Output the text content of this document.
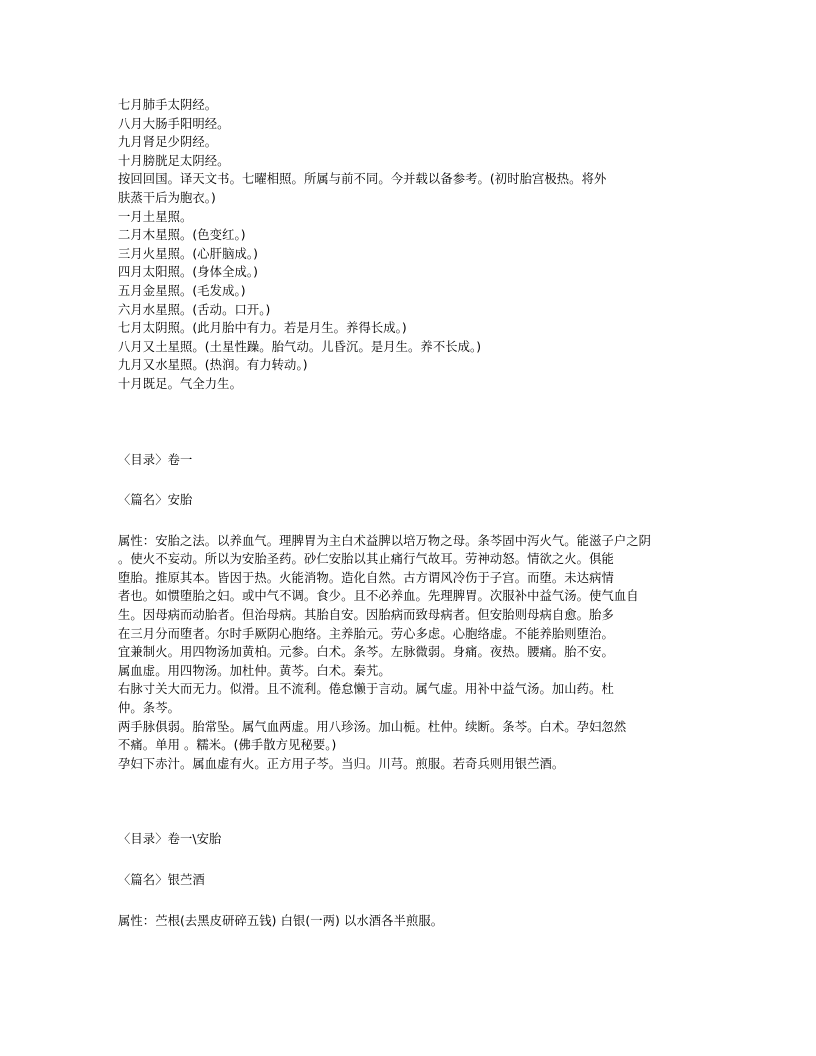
七月肺手太阴经。

八月大肠手阳明经。

九月肾足少阴经。

十月膀胱足太阴经。

按回回国。译天文书。七曜相照。所属与前不同。今并载以备参考。(初时胎宫极热。将外

肤蒸干后为胞衣。)

一月土星照。

二月木星照。(色变红。)

三月火星照。(心肝脑成。)

四月太阳照。(身体全成。)

五月金星照。(毛发成。)

六月水星照。(舌动。口开。)

七月太阴照。(此月胎中有力。若是月生。养得长成。)

八月又土星照。(土星性躁。胎气动。儿昏沉。是月生。养不长成。)

九月又水星照。(热润。有力转动。)

十月既足。气全力生。

〈目录〉卷一

〈篇名〉安胎

属性：安胎之法。以养血气。理脾胃为主白术益脾以培万物之母。条芩固中泻火气。能滋子户之阴

。使火不妄动。所以为安胎圣药。砂仁安胎以其止痛行气故耳。劳神动怒。情欲之火。俱能

堕胎。推原其本。皆因于热。火能消物。造化自然。古方谓风冷伤于子宫。而堕。未达病情

者也。如惯堕胎之妇。或中气不调。食少。且不必养血。先理脾胃。次服补中益气汤。使气血自

生。因母病而动胎者。但治母病。其胎自安。因胎病而致母病者。但安胎则母病自愈。胎多

在三月分而堕者。尔时手厥阴心胞络。主养胎元。劳心多虑。心胞络虚。不能养胎则堕治。

宜兼制火。用四物汤加黄柏。元参。白术。条芩。左脉微弱。身痛。夜热。腰痛。胎不安。

属血虚。用四物汤。加杜仲。黄芩。白术。秦艽。

右脉寸关大而无力。似滑。且不流利。倦怠懒于言动。属气虚。用补中益气汤。加山药。杜

仲。条芩。

两手脉俱弱。胎常坠。属气血两虚。用八珍汤。加山栀。杜仲。续断。条芩。白术。孕妇忽然

不痛。单用 。糯米。(佛手散方见秘要。)

孕妇下赤汁。属血虚有火。正方用子芩。当归。川芎。煎服。若奇兵则用银苎酒。

〈目录〉卷一\安胎

〈篇名〉银苎酒

属性：苎根(去黑皮研碎五钱) 白银(一两) 以水酒各半煎服。
